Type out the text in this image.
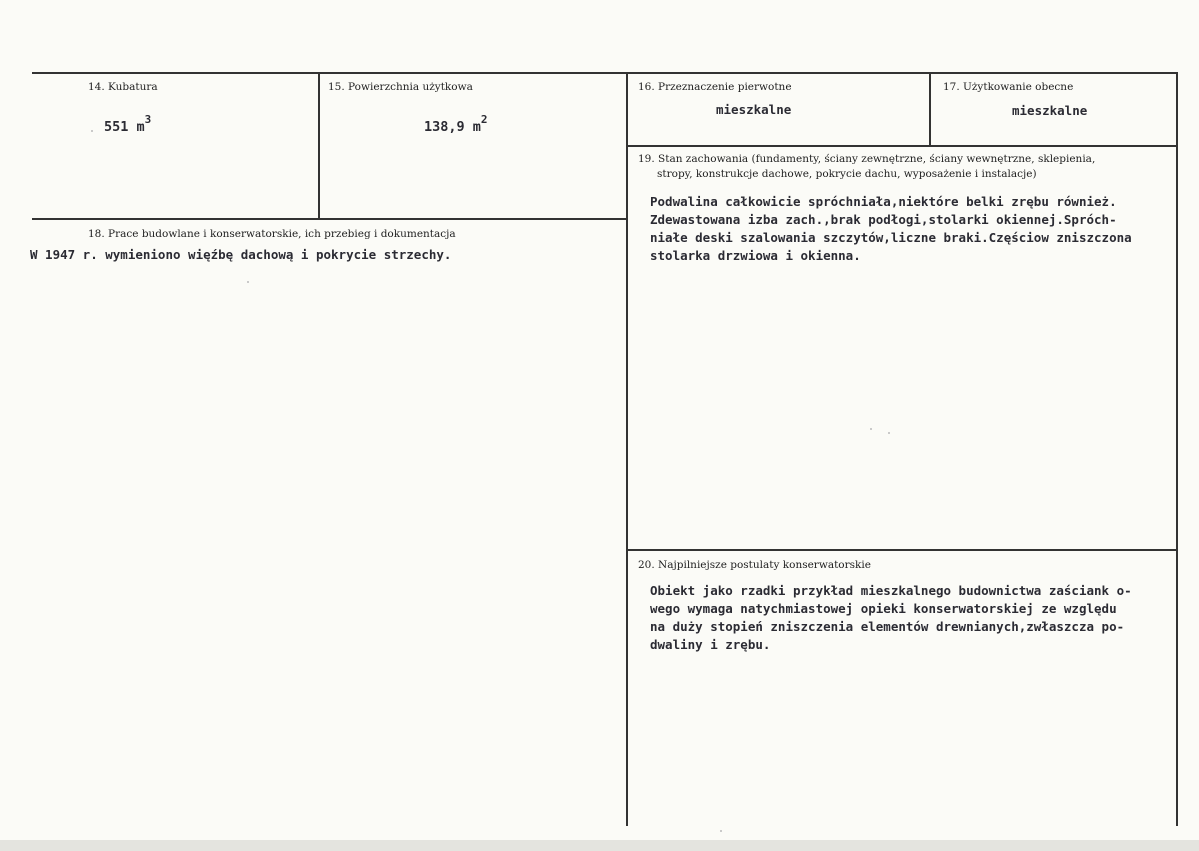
14. Kubatura
551 $m^3$
15. Powierzchnia użytkowa
138,9 $m^2$
16. Przeznaczenie pierwotne
mieszkalne
17. Użytkowanie obecne
mieszkalne
18. Prace budowlane i konserwatorskie, ich przebieg i dokumentacja
W 1947 r. wymieniono więźbę dachową i pokrycie strzechy.
19. Stan zachowania (fundamenty, ściany zewnętrzne, ściany wewnętrzne, sklepienia,
stropy, konstrukcje dachowe, pokrycie dachu, wyposażenie i instalacje)
Podwalina całkowicie spróchniała,niektóre belki zrębu również.
Zdewastowana izba zach.,brak podłogi,stolarki okiennej.Spróch-
niałe deski szalowania szczytów,liczne braki.Częściow zniszczona
stolarka drzwiowa i okienna.
20. Najpilniejsze postulaty konserwatorskie
Obiekt jako rzadki przykład mieszkalnego budownictwa zaściank o-
wego wymaga natychmiastowej opieki konserwatorskiej ze względu
na duży stopień zniszczenia elementów drewnianych,zwłaszcza po-
dwaliny i zrębu.
